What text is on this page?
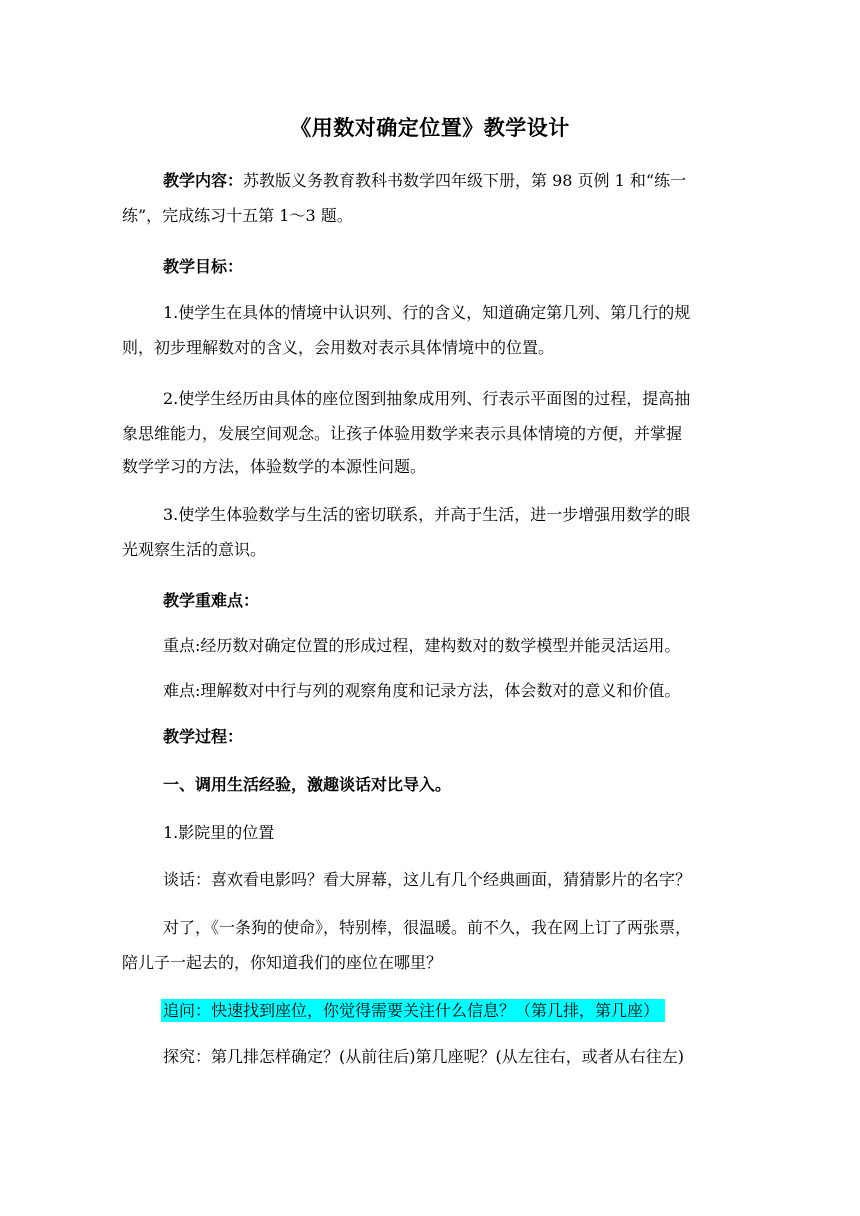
《用数对确定位置》教学设计
教学内容：苏教版义务教育教科书数学四年级下册，第 98 页例 1 和“练一
练”，完成练习十五第 1～3 题。
教学目标：
1.使学生在具体的情境中认识列、行的含义，知道确定第几列、第几行的规
则，初步理解数对的含义，会用数对表示具体情境中的位置。
2.使学生经历由具体的座位图到抽象成用列、行表示平面图的过程，提高抽
象思维能力，发展空间观念。让孩子体验用数学来表示具体情境的方便，并掌握
数学学习的方法，体验数学的本源性问题。
3.使学生体验数学与生活的密切联系，并高于生活，进一步增强用数学的眼
光观察生活的意识。
教学重难点：
重点:经历数对确定位置的形成过程，建构数对的数学模型并能灵活运用。
难点:理解数对中行与列的观察角度和记录方法，体会数对的意义和价值。
教学过程：
一、调用生活经验，激趣谈话对比导入。
1.影院里的位置
谈话：喜欢看电影吗？看大屏幕，这儿有几个经典画面，猜猜影片的名字？
对了，《一条狗的使命》，特别棒，很温暖。前不久，我在网上订了两张票，
陪儿子一起去的，你知道我们的座位在哪里？
追问：快速找到座位，你觉得需要关注什么信息？（第几排，第几座）
探究：第几排怎样确定？(从前往后)第几座呢？(从左往右，或者从右往左)
